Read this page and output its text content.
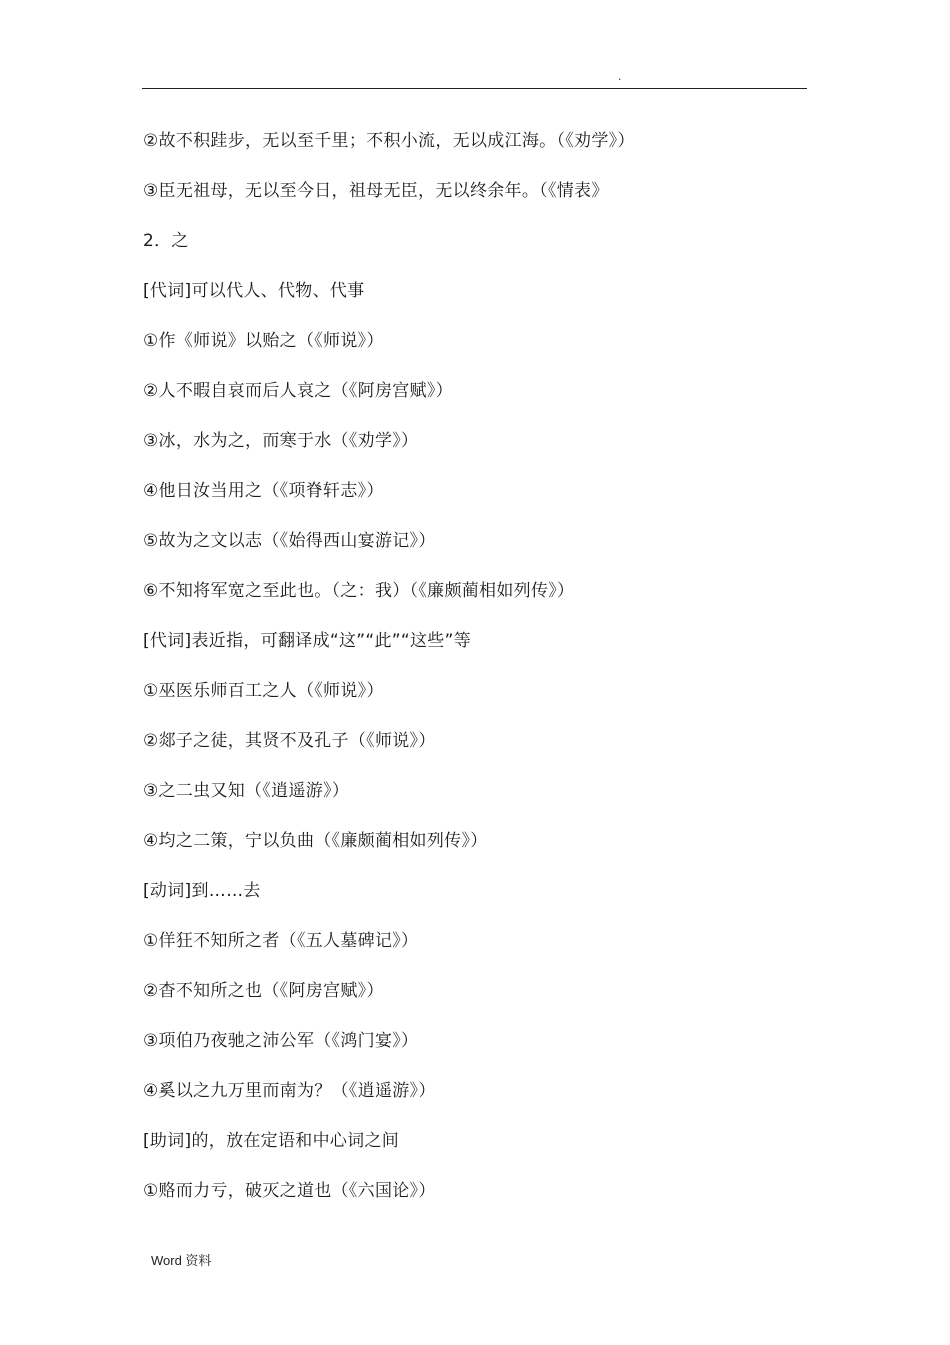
.
②故不积跬步，无以至千里；不积小流，无以成江海。（《劝学》）
③臣无祖母，无以至今日，祖母无臣，无以终余年。（《情表》
2．之
[代词]可以代人、代物、代事
①作《师说》以贻之（《师说》）
②人不暇自哀而后人哀之（《阿房宫赋》）
③冰，水为之，而寒于水（《劝学》）
④他日汝当用之（《项脊轩志》）
⑤故为之文以志（《始得西山宴游记》）
⑥不知将军宽之至此也。（之：我）（《廉颇蔺相如列传》）
[代词]表近指，可翻译成“这”“此”“这些”等
①巫医乐师百工之人（《师说》）
②郯子之徒，其贤不及孔子（《师说》）
③之二虫又知（《逍遥游》）
④均之二策，宁以负曲（《廉颇蔺相如列传》）
[动词]到……去
①佯狂不知所之者（《五人墓碑记》）
②杳不知所之也（《阿房宫赋》）
③项伯乃夜驰之沛公军（《鸿门宴》）
④奚以之九万里而南为？（《逍遥游》）
[助词]的，放在定语和中心词之间
①赂而力亏，破灭之道也（《六国论》）
Word 资料
